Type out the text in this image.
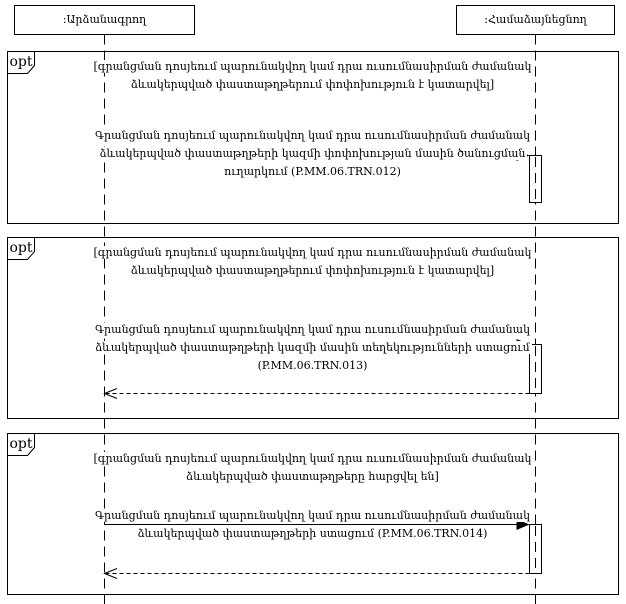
:Արձանագրող	:Համաձայնեցնող
opt
opt
opt
[գրանցման դոսյեում պարունակվող կամ դրա ուսումնասիրման ժամանակ
ձևակերպված փաստաթղթերում փոփոխություն է կատարվել]
Գրանցման դոսյեում պարունակվող կամ դրա ուսումնասիրման ժամանակ
ձևակերպված փաստաթղթերի կազմի փոփոխության մասին ծանուցման
ուղարկում (P.MM.06.TRN.012)
[գրանցման դոսյեում պարունակվող կամ դրա ուսումնասիրման ժամանակ
ձևակերպված փաստաթղթերում փոփոխություն է կատարվել]
Գրանցման դոսյեում պարունակվող կամ դրա ուսումնասիրման ժամանակ
ձևակերպված փաստաթղթերի կազմի մասին տեղեկությունների ստացում
(P.MM.06.TRN.013)
[գրանցման դոսյեում պարունակվող կամ դրա ուսումնասիրման ժամանակ
ձևակերպված փաստաթղթերը հարցվել են]
Գրանցման դոսյեում պարունակվող կամ դրա ուսումնասիրման ժամանակ
ձևակերպված փաստաթղթերի ստացում (P.MM.06.TRN.014)
